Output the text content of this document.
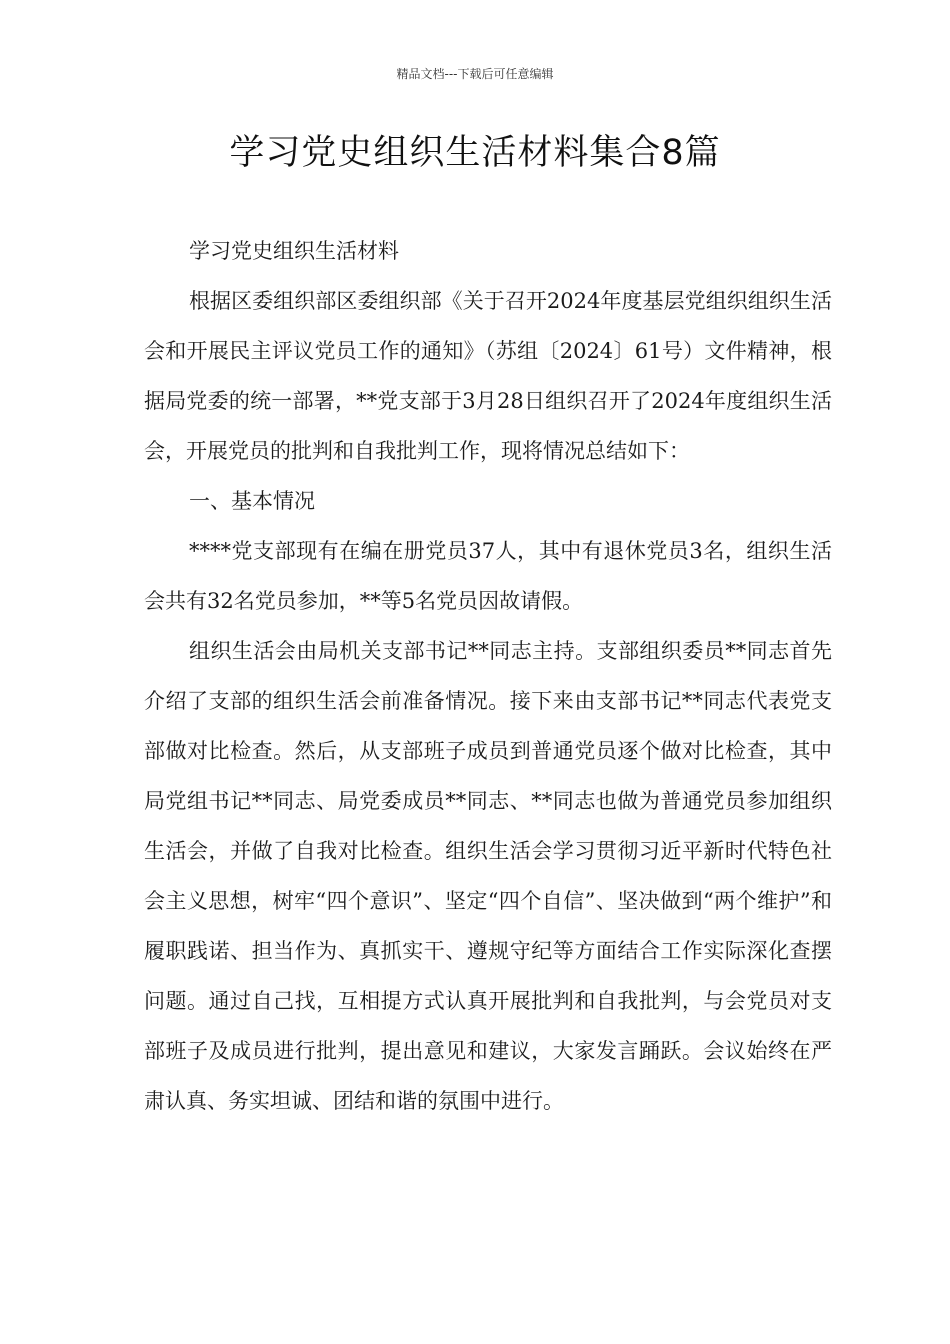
精品文档---下载后可任意编辑
学习党史组织生活材料集合8篇

学习党史组织生活材料

根据区委组织部区委组织部《关于召开2024年度基层党组织组织生活会和开展民主评议党员工作的通知》（苏组〔2024〕61号）文件精神，根据局党委的统一部署，**党支部于3月28日组织召开了2024年度组织生活会，开展党员的批判和自我批判工作，现将情况总结如下：

一、基本情况

****党支部现有在编在册党员37人，其中有退休党员3名，组织生活会共有32名党员参加，**等5名党员因故请假。

组织生活会由局机关支部书记**同志主持。支部组织委员**同志首先介绍了支部的组织生活会前准备情况。接下来由支部书记**同志代表党支部做对比检查。然后，从支部班子成员到普通党员逐个做对比检查，其中局党组书记**同志、局党委成员**同志、**同志也做为普通党员参加组织生活会，并做了自我对比检查。组织生活会学习贯彻习近平新时代特色社会主义思想，树牢“四个意识”、坚定“四个自信”、坚决做到“两个维护”和履职践诺、担当作为、真抓实干、遵规守纪等方面结合工作实际深化查摆问题。通过自己找，互相提方式认真开展批判和自我批判，与会党员对支部班子及成员进行批判，提出意见和建议，大家发言踊跃。会议始终在严肃认真、务实坦诚、团结和谐的氛围中进行。
